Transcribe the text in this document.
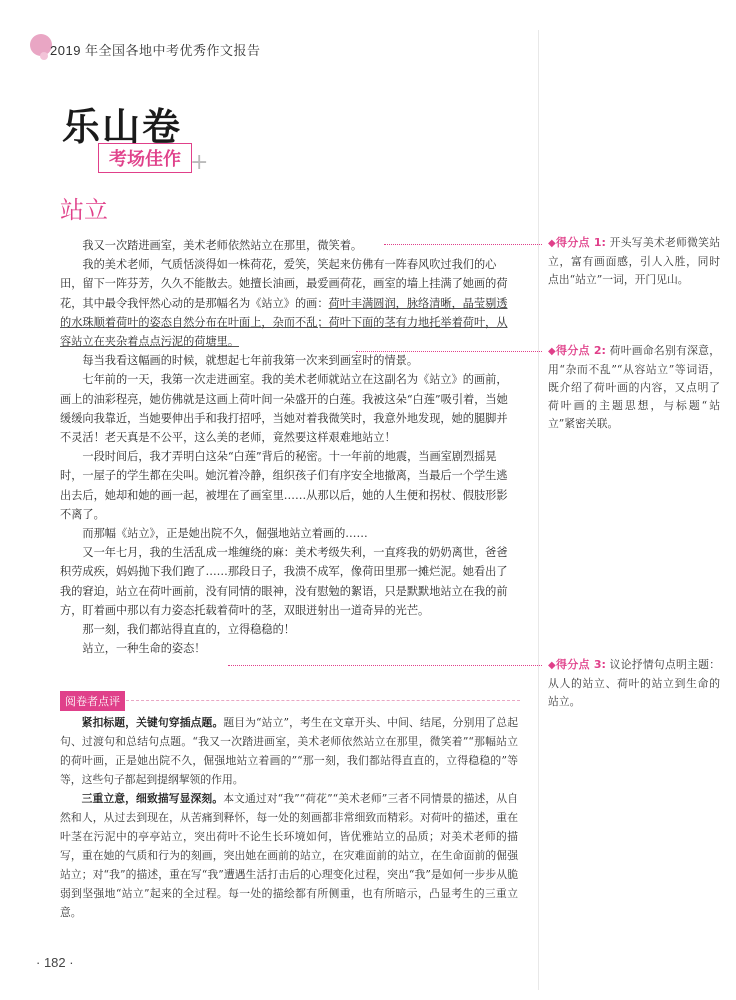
2019 年全国各地中考优秀作文报告
乐山卷
考场佳作 +
站立

我又一次踏进画室，美术老师依然站立在那里，微笑着。

我的美术老师，气质恬淡得如一株荷花，爱笑，笑起来仿佛有一阵春风吹过我们的心田，留下一阵芬芳，久久不能散去。她擅长油画，最爱画荷花，画室的墙上挂满了她画的荷花，其中最令我怦然心动的是那幅名为《站立》的画：荷叶丰满圆润，脉络清晰，晶莹剔透的水珠顺着荷叶的姿态自然分布在叶面上，杂而不乱；荷叶下面的茎有力地托举着荷叶，从容站立在夹杂着点点污泥的荷塘里。

每当我看这幅画的时候，就想起七年前我第一次来到画室时的情景。

七年前的一天，我第一次走进画室。我的美术老师就站立在这副名为《站立》的画前，画上的油彩程亮，她仿佛就是这画上荷叶间一朵盛开的白莲。我被这朵“白莲”吸引着，当她缓缓向我靠近，当她要伸出手和我打招呼，当她对着我微笑时，我意外地发现，她的腿脚并不灵活！老天真是不公平，这么美的老师，竟然要这样艰难地站立！

一段时间后，我才弄明白这朵“白莲”背后的秘密。十一年前的地震，当画室剧烈摇晃时，一屋子的学生都在尖叫。她沉着冷静，组织孩子们有序安全地撤离，当最后一个学生逃出去后，她却和她的画一起，被埋在了画室里……从那以后，她的人生便和拐杖、假肢形影不离了。

而那幅《站立》，正是她出院不久，倔强地站立着画的……

又一年七月，我的生活乱成一堆缠绕的麻：美术考级失利，一直疼我的奶奶离世，爸爸积劳成疾，妈妈抛下我们跑了……那段日子，我溃不成军，像荷田里那一摊烂泥。她看出了我的窘迫，站立在荷叶画前，没有同情的眼神，没有慰勉的絮语，只是默默地站立在我的前方，盯着画中那以有力姿态托载着荷叶的茎，双眼迸射出一道奇异的光芒。

那一刻，我们都站得直直的，立得稳稳的！

站立，一种生命的姿态！

◆得分点 1: 开头写美术老师微笑站立，富有画面感，引人入胜，同时点出“站立”一词，开门见山。
◆得分点 2: 荷叶画命名别有深意，用“杂而不乱”“从容站立”等词语，既介绍了荷叶画的内容，又点明了荷叶画的主题思想，与标题“站立”紧密关联。
◆得分点 3: 议论抒情句点明主题：从人的站立、荷叶的站立到生命的站立。
阅卷者点评

紧扣标题，关键句穿插点题。题目为“站立”，考生在文章开头、中间、结尾，分别用了总起句、过渡句和总结句点题。“我又一次踏进画室，美术老师依然站立在那里，微笑着”“那幅站立的荷叶画，正是她出院不久，倔强地站立着画的”“那一刻，我们都站得直直的，立得稳稳的”等等，这些句子都起到提纲挈领的作用。

三重立意，细致描写显深刻。本文通过对“我”“荷花”“美术老师”三者不同情景的描述，从自然和人，从过去到现在，从苦痛到释怀，每一处的刻画都非常细致而精彩。对荷叶的描述，重在叶茎在污泥中的亭亭站立，突出荷叶不论生长环境如何，皆优雅站立的品质；对美术老师的描写，重在她的气质和行为的刻画，突出她在画前的站立，在灾难面前的站立，在生命面前的倔强站立；对“我”的描述，重在写“我”遭遇生活打击后的心理变化过程，突出“我”是如何一步步从脆弱到坚强地“站立”起来的全过程。每一处的描绘都有所侧重，也有所暗示，凸显考生的三重立意。

· 182 ·
